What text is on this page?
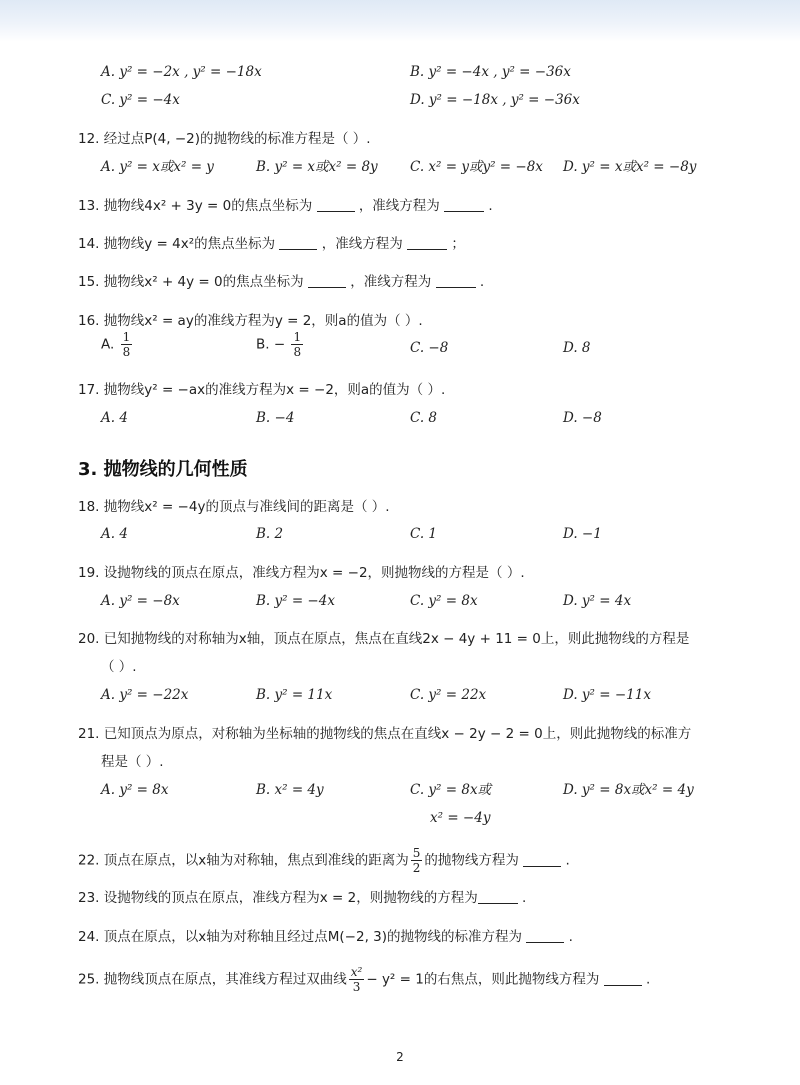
A. y² = −2x , y² = −18x	B. y² = −4x , y² = −36x
C. y² = −4x	D. y² = −18x , y² = −36x
12. 经过点P(4, −2)的抛物线的标准方程是（ ）.
A. y² = x或x² = y	B. y² = x或x² = 8y C. x² = y或y² = −8x D. y² = x或x² = −8y
13. 抛物线4x² + 3y = 0的焦点坐标为	，准线方程为	.
14. 抛物线y = 4x²的焦点坐标为	，准线方程为	；
15. 抛物线x² + 4y = 0的焦点坐标为	，准线方程为	.
16. 抛物线x² = ay的准线方程为y = 2，则a的值为（ ）.
A. $\frac{1}{8}$	B. − $\frac{1}{8}$	C. −8	D. 8
17. 抛物线y² = −ax的准线方程为x = −2，则a的值为（ ）.
A. 4	B. −4	C. 8	D. −8
3. 抛物线的几何性质
18. 抛物线x² = −4y的顶点与准线间的距离是（ ）.
A. 4	B. 2	C. 1	D. −1
19. 设抛物线的顶点在原点，准线方程为x = −2，则抛物线的方程是（ ）.
A. y² = −8x	B. y² = −4x	C. y² = 8x	D. y² = 4x
20. 已知抛物线的对称轴为x轴，顶点在原点，焦点在直线2x − 4y + 11 = 0上，则此抛物线的方程是
（ ）.
A. y² = −22x	B. y² = 11x	C. y² = 22x	D. y² = −11x
21. 已知顶点为原点，对称轴为坐标轴的抛物线的焦点在直线x − 2y − 2 = 0上，则此抛物线的标准方
程是（ ）.
A. y² = 8x	B. x² = 4y	C. y² = 8x或
x² = −4y
D. y² = 8x或x² = 4y
22. 顶点在原点，以x轴为对称轴，焦点到准线的距离为 $\frac{5}{2}$ 的抛物线方程为	.
23. 设抛物线的顶点在原点，准线方程为x = 2，则抛物线的方程为	.
24. 顶点在原点，以x轴为对称轴且经过点M(−2, 3)的抛物线的标准方程为	.
25. 抛物线顶点在原点，其准线方程过双曲线 $\frac{\text{x²}}{3} - y^2 = 1$的右焦点，则此抛物线方程为	.
2
